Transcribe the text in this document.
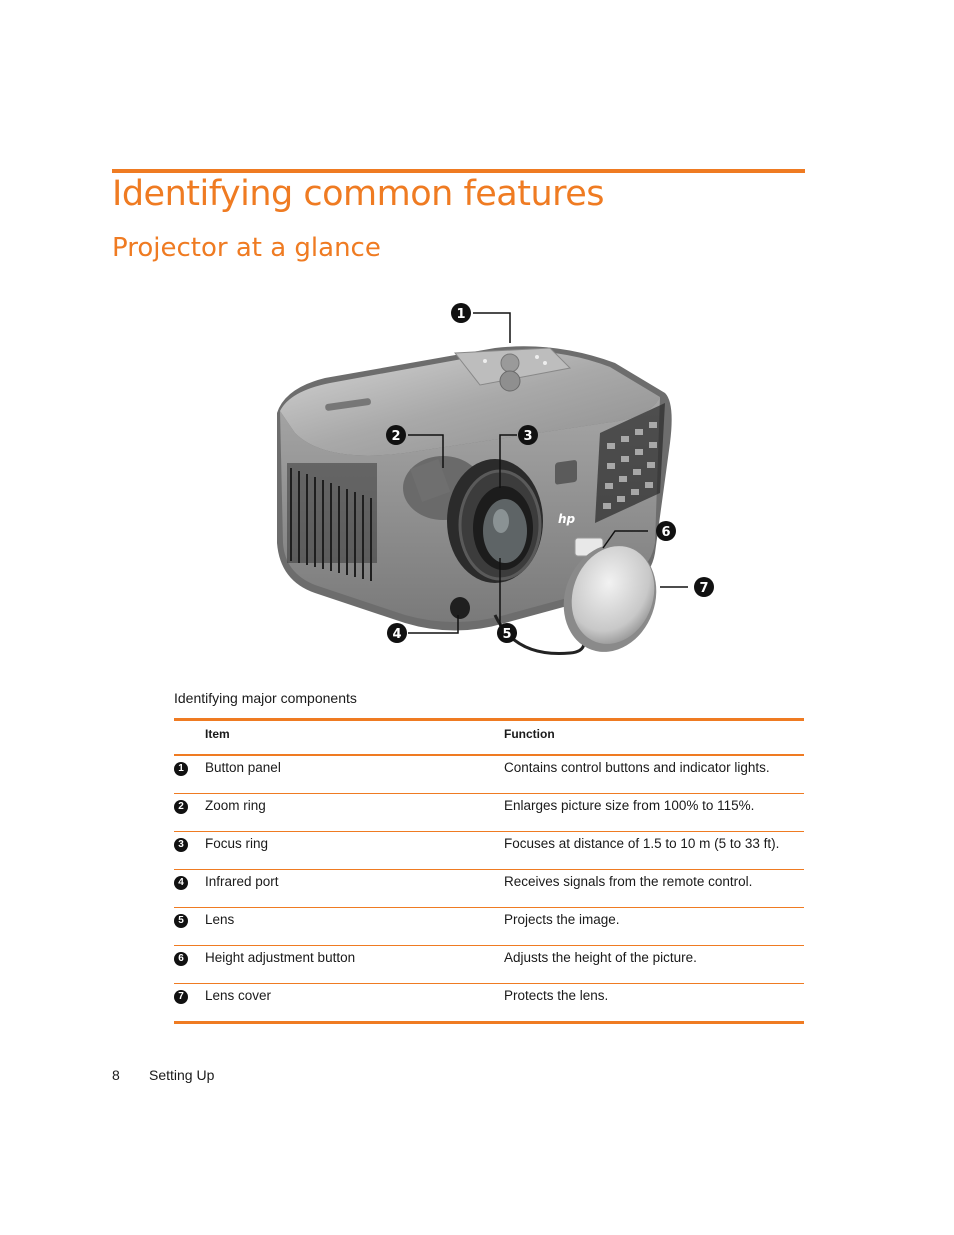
Identifying common features
Projector at a glance
hp
1
2	3
4	5
6
7
Identifying major components
Item	Function
1	Button panel	Contains control buttons and indicator lights.
2	Zoom ring	Enlarges picture size from 100% to 115%.
3	Focus ring	Focuses at distance of 1.5 to 10 m (5 to 33 ft).
4	Infrared port	Receives signals from the remote control.
5	Lens	Projects the image.
6	Height adjustment button	Adjusts the height of the picture.
7	Lens cover	Protects the lens.
8 Setting Up
